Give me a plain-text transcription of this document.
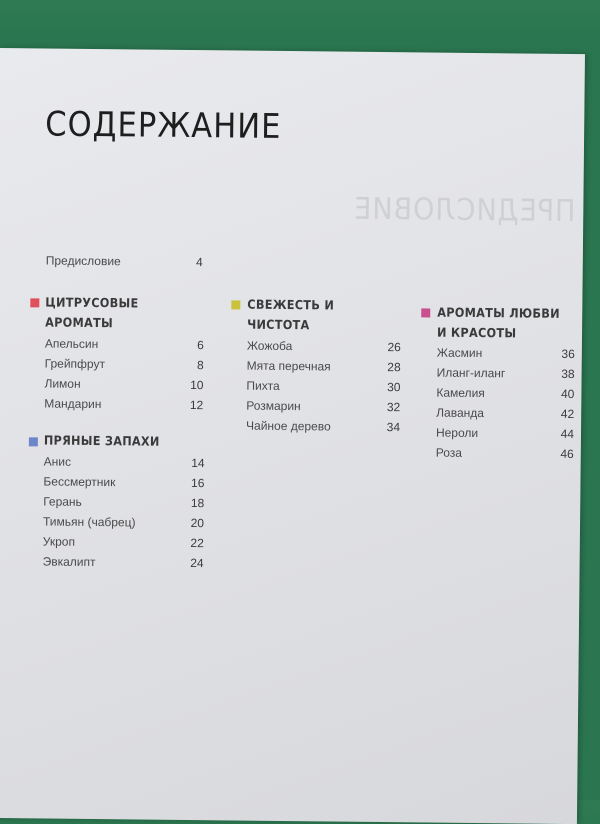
ПРЕДИСЛОВИЕ
СОДЕРЖАНИЕ
Предисловие	4
ЦИТРУСОВЫЕ АРОМАТЫ
Апельсин	6
Грейпфрут	8
Лимон	10
Мандарин	12
ПРЯНЫЕ ЗАПАХИ
Анис	14
Бессмертник	16
Герань	18
Тимьян (чабрец)	20
Укроп	22
Эвкалипт	24
СВЕЖЕСТЬ И ЧИСТОТА
Жожоба	26
Мята перечная	28
Пихта	30
Розмарин	32
Чайное дерево	34
АРОМАТЫ ЛЮБВИ И КРАСОТЫ
Жасмин	36
Иланг-иланг	38
Камелия	40
Лаванда	42
Нероли	44
Роза	46
